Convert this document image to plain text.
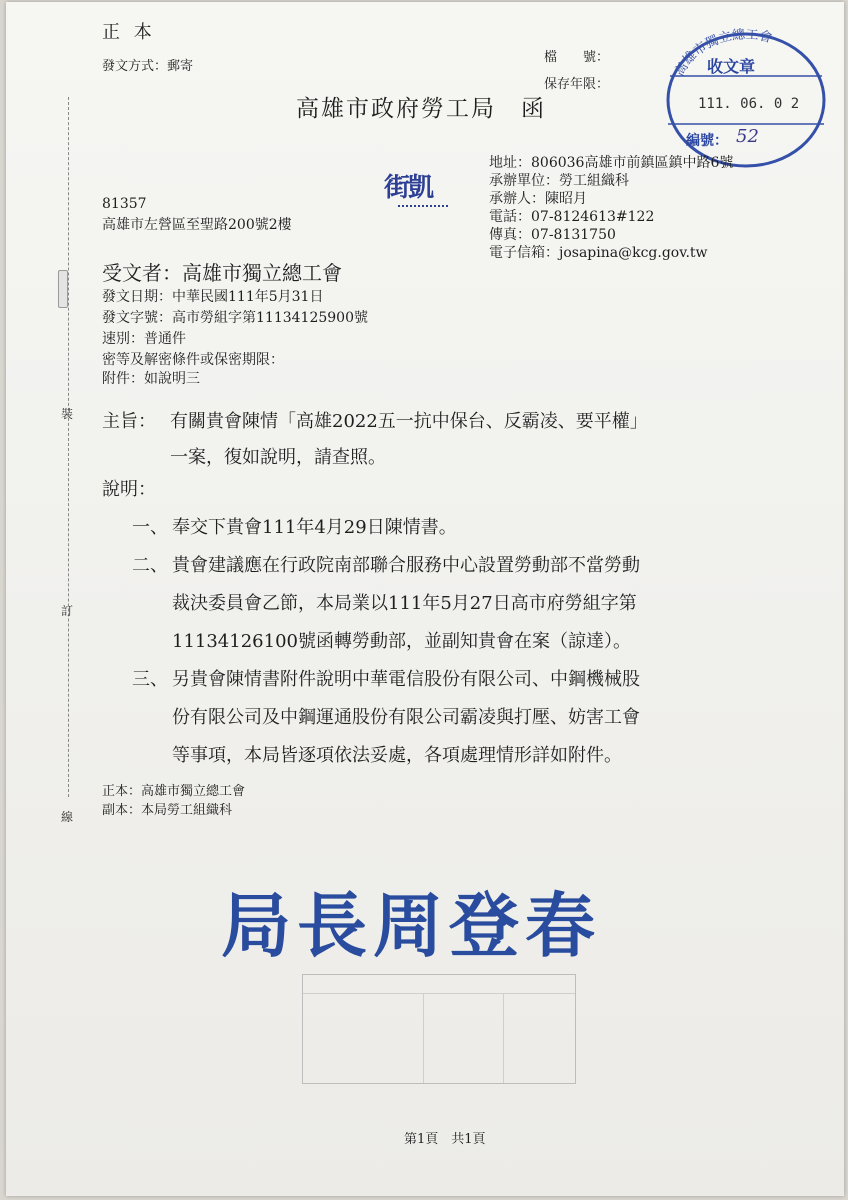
裝
訂
線
正 本
發文方式：郵寄
檔　　號：
保存年限：
高雄市政府勞工局　函
高雄市獨立總工會
收文章
111. 06. 0 2
編號： 52
街凱
地址：806036高雄市前鎮區鎮中路6號
承辦單位：勞工組織科
承辦人：陳昭月
電話：07-8124613#122
傳真：07-8131750
電子信箱：josapina@kcg.gov.tw
81357
高雄市左營區至聖路200號2樓
受文者：高雄市獨立總工會
發文日期：中華民國111年5月31日
發文字號：高市勞組字第11134125900號
速別：普通件
密等及解密條件或保密期限：
附件：如說明三
主旨： 有關貴會陳情「高雄2022五一抗中保台、反霸凌、要平權」
一案，復如說明，請查照。
說明：
一、 奉交下貴會111年4月29日陳情書。
二、 貴會建議應在行政院南部聯合服務中心設置勞動部不當勞動
裁決委員會乙節，本局業以111年5月27日高市府勞組字第
11134126100號函轉勞動部，並副知貴會在案（諒達）。
三、 另貴會陳情書附件說明中華電信股份有限公司、中鋼機械股
份有限公司及中鋼運通股份有限公司霸凌與打壓、妨害工會
等事項，本局皆逐項依法妥處，各項處理情形詳如附件。
正本：高雄市獨立總工會
副本：本局勞工組織科
局長周登春
第1頁　共1頁
